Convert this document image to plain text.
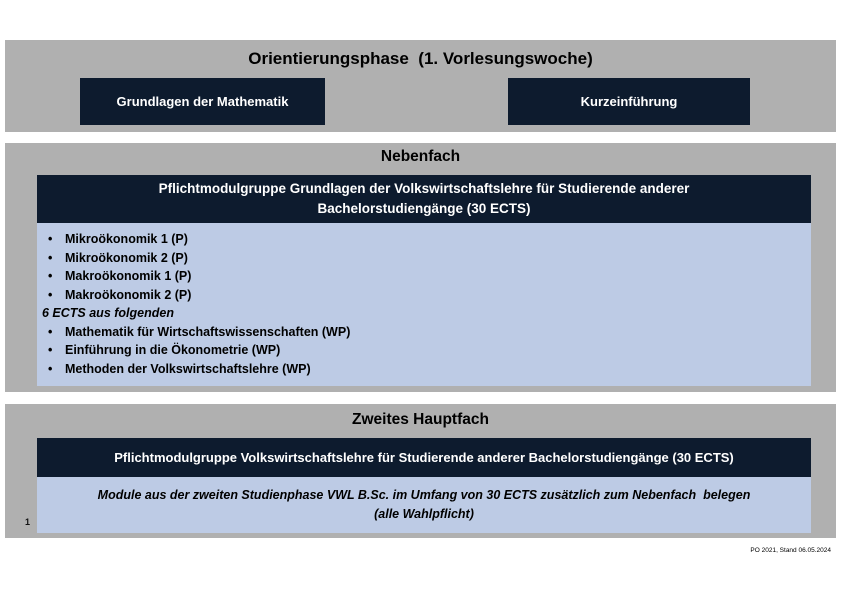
Orientierungsphase  (1. Vorlesungswoche)
Grundlagen der Mathematik	Kurzeinführung
Nebenfach
Pflichtmodulgruppe Grundlagen der Volkswirtschaftslehre für Studierende anderer Bachelorstudiengänge (30 ECTS)
• Mikroökonomik 1 (P)
• Mikroökonomik 2 (P)
• Makroökonomik 1 (P)
• Makroökonomik 2 (P)
6 ECTS aus folgenden
• Mathematik für Wirtschaftswissenschaften (WP)
• Einführung in die Ökonometrie (WP)
• Methoden der Volkswirtschaftslehre (WP)
Zweites Hauptfach
Pflichtmodulgruppe Volkswirtschaftslehre für Studierende anderer Bachelorstudiengänge (30 ECTS)
Module aus der zweiten Studienphase VWL B.Sc. im Umfang von 30 ECTS zusätzlich zum Nebenfach  belegen (alle Wahlpflicht)
1
PO 2021, Stand 06.05.2024
